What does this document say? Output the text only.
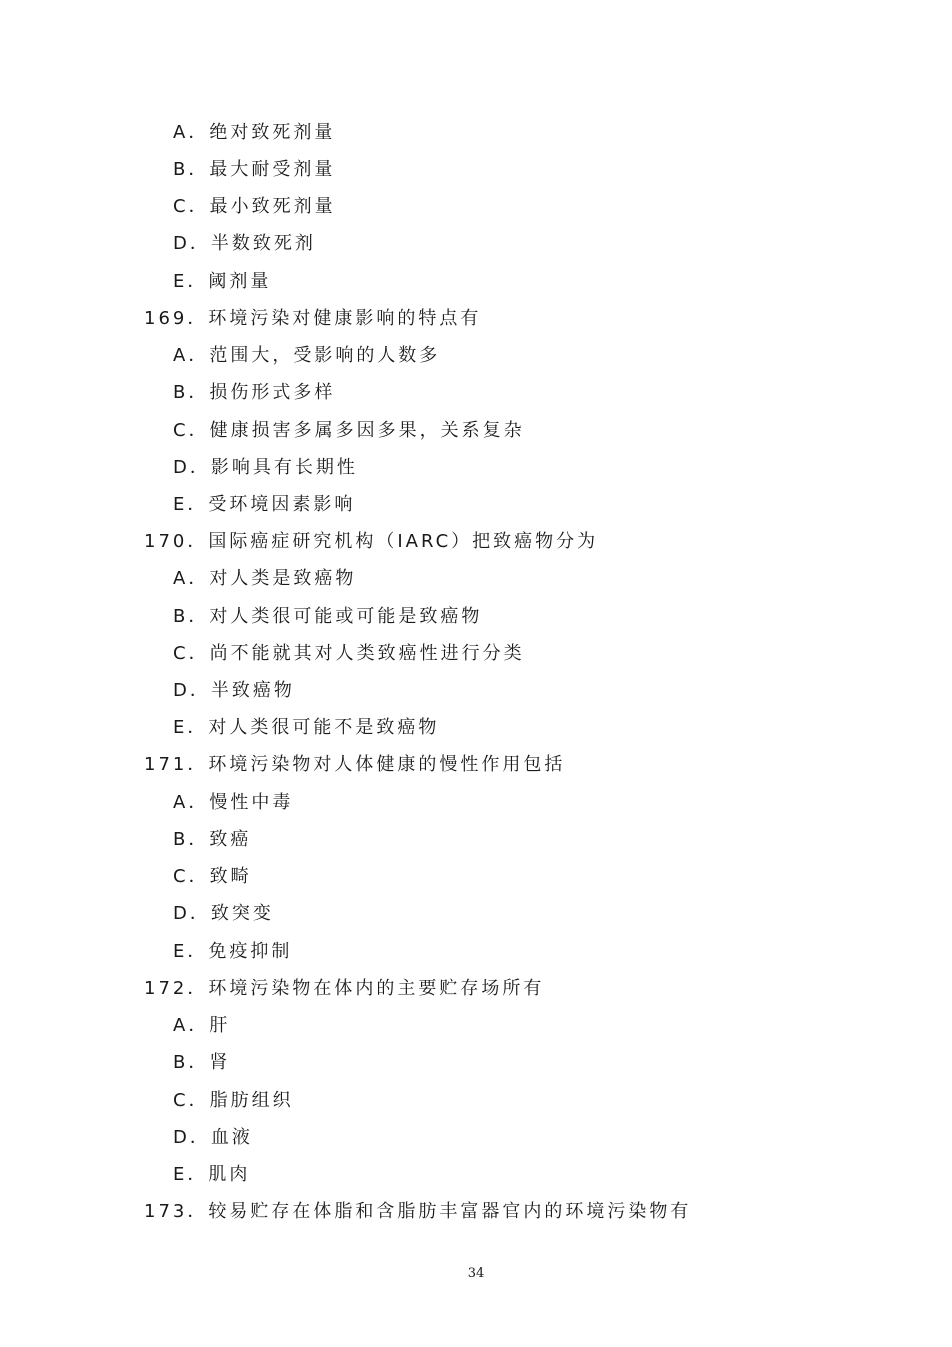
A．绝对致死剂量
B．最大耐受剂量
C．最小致死剂量
D．半数致死剂
E．阈剂量
169．环境污染对健康影响的特点有
A．范围大，受影响的人数多
B．损伤形式多样
C．健康损害多属多因多果，关系复杂
D．影响具有长期性
E．受环境因素影响
170．国际癌症研究机构（IARC）把致癌物分为
A．对人类是致癌物
B．对人类很可能或可能是致癌物
C．尚不能就其对人类致癌性进行分类
D．半致癌物
E．对人类很可能不是致癌物
171．环境污染物对人体健康的慢性作用包括
A．慢性中毒
B．致癌
C．致畸
D．致突变
E．免疫抑制
172．环境污染物在体内的主要贮存场所有
A．肝
B．肾
C．脂肪组织
D．血液
E．肌肉
173．较易贮存在体脂和含脂肪丰富器官内的环境污染物有
34
